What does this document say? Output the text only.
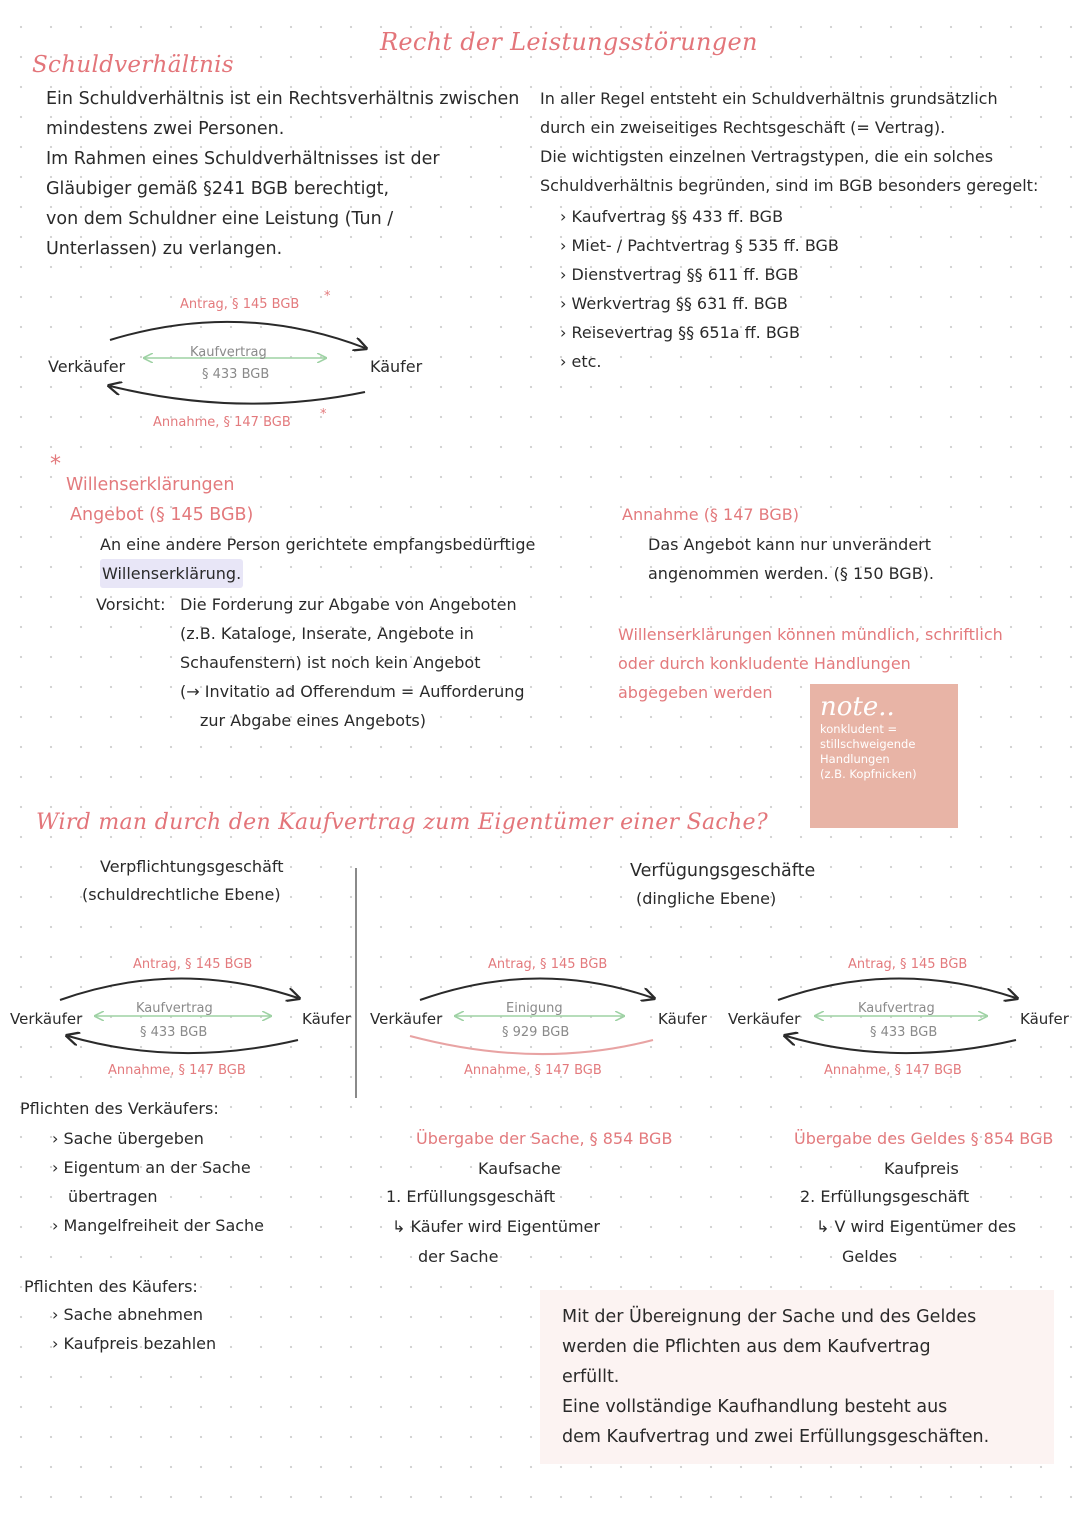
Recht der Leistungsstörungen
Schuldverhältnis
Ein Schuldverhältnis ist ein Rechtsverhältnis zwischen
mindestens zwei Personen.
Im Rahmen eines Schuldverhältnisses ist der
Gläubiger gemäß §241 BGB berechtigt,
von dem Schuldner eine Leistung (Tun /
Unterlassen) zu verlangen.
In aller Regel entsteht ein Schuldverhältnis grundsätzlich
durch ein zweiseitiges Rechtsgeschäft (= Vertrag).
Die wichtigsten einzelnen Vertragstypen, die ein solches
Schuldverhältnis begründen, sind im BGB besonders geregelt:
› Kaufvertrag §§ 433 ff. BGB
› Miet- / Pachtvertrag § 535 ff. BGB
› Dienstvertrag §§ 611 ff. BGB
› Werkvertrag §§ 631 ff. BGB
› Reisevertrag §§ 651a ff. BGB
› etc.
Antrag, § 145 BGB
*
Kaufvertrag
§ 433 BGB
Verkäufer	Käufer
Annahme, § 147 BGB
*
*
Willenserklärungen
Angebot (§ 145 BGB)
An eine andere Person gerichtete empfangsbedürftige
Willenserklärung.
Vorsicht: Die Forderung zur Abgabe von Angeboten
(z.B. Kataloge, Inserate, Angebote in
Schaufenstern) ist noch kein Angebot
(→ Invitatio ad Offerendum = Aufforderung
zur Abgabe eines Angebots)
Annahme (§ 147 BGB)
Das Angebot kann nur unverändert
angenommen werden. (§ 150 BGB).
Willenserklärungen können mündlich, schriftlich
oder durch konkludente Handlungen
abgegeben werden	note..
konkludent =
stillschweigende
Handlungen
(z.B. Kopfnicken)
Wird man durch den Kaufvertrag zum Eigentümer einer Sache?
Verpflichtungsgeschäft
(schuldrechtliche Ebene)
Verfügungsgeschäfte
(dingliche Ebene)
Antrag, § 145 BGB
Kaufvertrag
§ 433 BGB
Verkäufer	Käufer
Annahme, § 147 BGB
Antrag, § 145 BGB
Einigung
§ 929 BGB
Verkäufer	Käufer
Annahme, § 147 BGB
Antrag, § 145 BGB
Kaufvertrag
§ 433 BGB
Verkäufer	Käufer
Annahme, § 147 BGB
Pflichten des Verkäufers:
› Sache übergeben
› Eigentum an der Sache
übertragen
› Mangelfreiheit der Sache
Pflichten des Käufers:
› Sache abnehmen
› Kaufpreis bezahlen
Übergabe der Sache, § 854 BGB
Kaufsache
1. Erfüllungsgeschäft
↳ Käufer wird Eigentümer
der Sache
Übergabe des Geldes § 854 BGB
Kaufpreis
2. Erfüllungsgeschäft
↳ V wird Eigentümer des
Geldes
Mit der Übereignung der Sache und des Geldes
werden die Pflichten aus dem Kaufvertrag
erfüllt.
Eine vollständige Kaufhandlung besteht aus
dem Kaufvertrag und zwei Erfüllungsgeschäften.
